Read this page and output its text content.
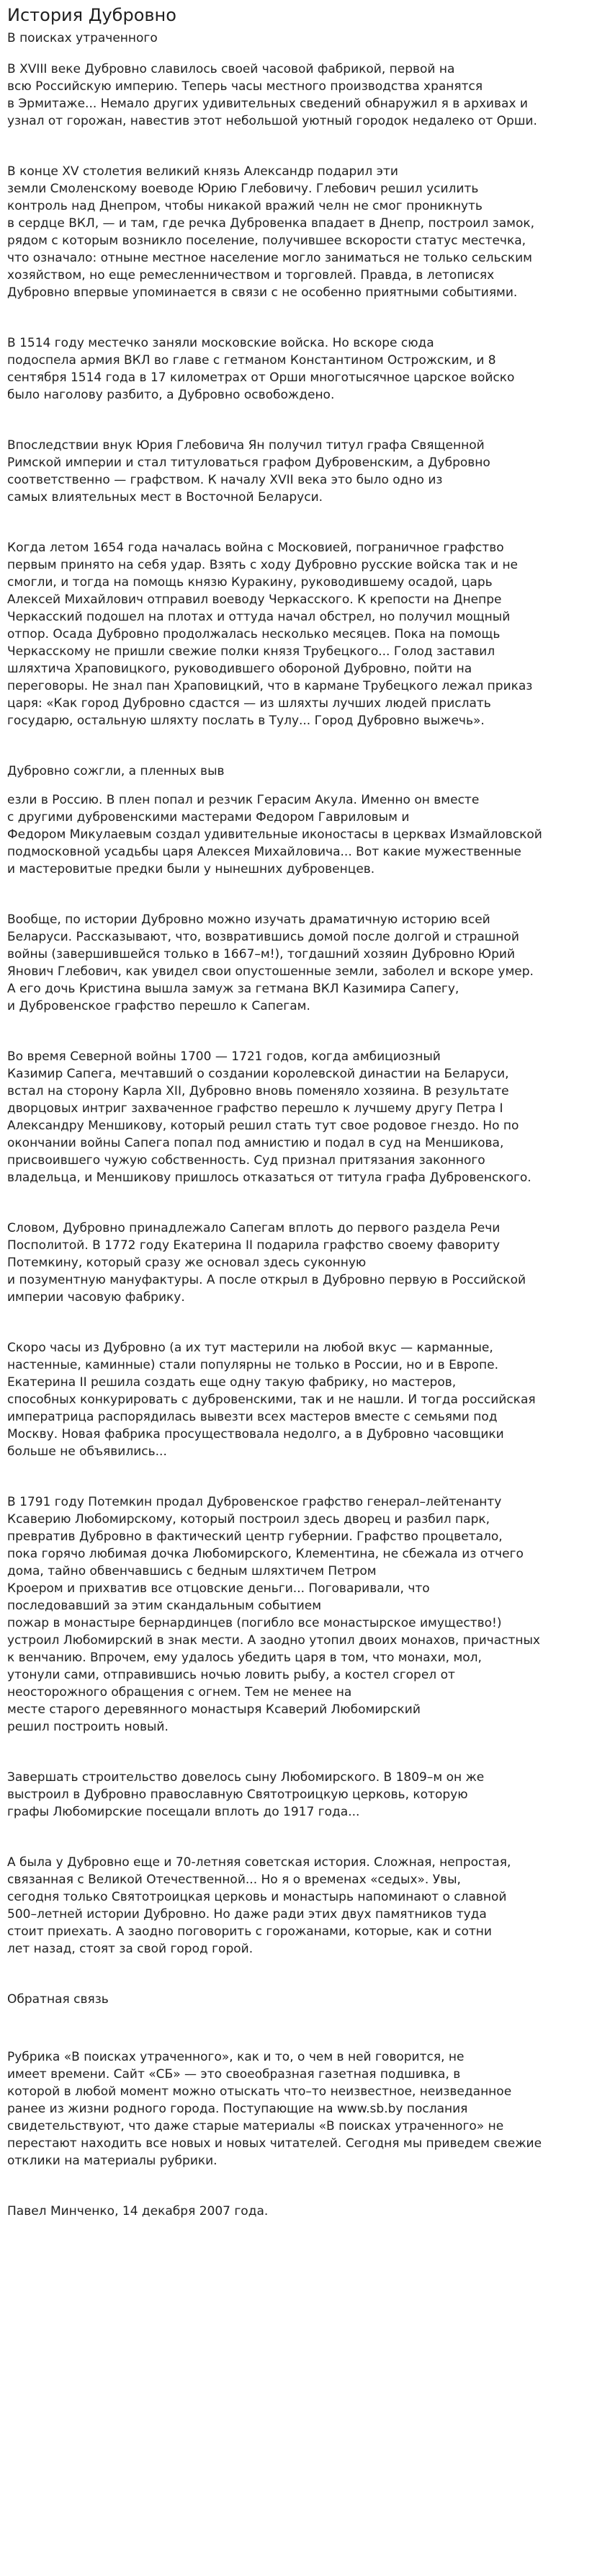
История Дубровно
В поисках утраченного

В XVIII веке Дубровно славилось своей часовой фабрикой, первой на
всю Российскую империю. Теперь часы местного производства хранятся
в Эрмитаже... Немало других удивительных сведений обнаружил я в архивах и
узнал от горожан, навестив этот небольшой уютный городок недалеко от Орши.

В конце XV столетия великий князь Александр подарил эти
земли Смоленскому воеводе Юрию Глебовичу. Глебович решил усилить
контроль над Днепром, чтобы никакой вражий челн не смог проникнуть
в сердце ВКЛ, — и там, где речка Дубровенка впадает в Днепр, построил замок,
рядом с которым возникло поселение, получившее вскорости статус местечка,
что означало: отныне местное население могло заниматься не только сельским
хозяйством, но еще ремесленничеством и торговлей. Правда, в летописях
Дубровно впервые упоминается в связи с не особенно приятными событиями.

В 1514 году местечко заняли московские войска. Но вскоре сюда
подоспела армия ВКЛ во главе с гетманом Константином Острожским, и 8
сентября 1514 года в 17 километрах от Орши многотысячное царское войско
было наголову разбито, а Дубровно освобождено.

Впоследствии внук Юрия Глебовича Ян получил титул графа Священной
Римской империи и стал титуловаться графом Дубровенским, а Дубровно
соответственно — графством. К началу XVII века это было одно из
самых влиятельных мест в Восточной Беларуси.

Когда летом 1654 года началась война с Московией, пограничное графство
первым принято на себя удар. Взять с ходу Дубровно русские войска так и не
смогли, и тогда на помощь князю Куракину, руководившему осадой, царь
Алексей Михайлович отправил воеводу Черкасского. К крепости на Днепре
Черкасский подошел на плотах и оттуда начал обстрел, но получил мощный
отпор. Осада Дубровно продолжалась несколько месяцев. Пока на помощь
Черкасскому не пришли свежие полки князя Трубецкого... Голод заставил
шляхтича Храповицкого, руководившего обороной Дубровно, пойти на
переговоры. Не знал пан Храповицкий, что в кармане Трубецкого лежал приказ
царя: «Как город Дубровно сдастся — из шляхты лучших людей прислать
государю, остальную шляхту послать в Тулу... Город Дубровно выжечь».

Дубровно сожгли, а пленных выв

езли в Россию. В плен попал и резчик Герасим Акула. Именно он вместе
с другими дубровенскими мастерами Федором Гавриловым и
Федором Микулаевым создал удивительные иконостасы в церквах Измайловской
подмосковной усадьбы царя Алексея Михайловича... Вот какие мужественные
и мастеровитые предки были у нынешних дубровенцев.

Вообще, по истории Дубровно можно изучать драматичную историю всей
Беларуси. Рассказывают, что, возвратившись домой после долгой и страшной
войны (завершившейся только в 1667–м!), тогдашний хозяин Дубровно Юрий
Янович Глебович, как увидел свои опустошенные земли, заболел и вскоре умер.
А его дочь Кристина вышла замуж за гетмана ВКЛ Казимира Сапегу,
и Дубровенское графство перешло к Сапегам.

Во время Северной войны 1700 — 1721 годов, когда амбициозный
Казимир Сапега, мечтавший о создании королевской династии на Беларуси,
встал на сторону Карла XII, Дубровно вновь поменяло хозяина. В результате
дворцовых интриг захваченное графство перешло к лучшему другу Петра I
Александру Меншикову, который решил стать тут свое родовое гнездо. Но по
окончании войны Сапега попал под амнистию и подал в суд на Меншикова,
присвоившего чужую собственность. Суд признал притязания законного
владельца, и Меншикову пришлось отказаться от титула графа Дубровенского.

Словом, Дубровно принадлежало Сапегам вплоть до первого раздела Речи
Посполитой. В 1772 году Екатерина II подарила графство своему фавориту
Потемкину, который сразу же основал здесь суконную
и позументную мануфактуры. А после открыл в Дубровно первую в Российской
империи часовую фабрику.

Скоро часы из Дубровно (а их тут мастерили на любой вкус — карманные,
настенные, каминные) стали популярны не только в России, но и в Европе.
Екатерина II решила создать еще одну такую фабрику, но мастеров,
способных конкурировать с дубровенскими, так и не нашли. И тогда российская
императрица распорядилась вывезти всех мастеров вместе с семьями под
Москву. Новая фабрика просуществовала недолго, а в Дубровно часовщики
больше не объявились...

В 1791 году Потемкин продал Дубровенское графство генерал–лейтенанту
Ксаверию Любомирскому, который построил здесь дворец и разбил парк,
превратив Дубровно в фактический центр губернии. Графство процветало,
пока горячо любимая дочка Любомирского, Клементина, не сбежала из отчего
дома, тайно обвенчавшись с бедным шляхтичем Петром
Кроером и прихватив все отцовские деньги... Поговаривали, что
последовавший за этим скандальным событием
пожар в монастыре бернардинцев (погибло все монастырское имущество!)
устроил Любомирский в знак мести. А заодно утопил двоих монахов, причастных
к венчанию. Впрочем, ему удалось убедить царя в том, что монахи, мол,
утонули сами, отправившись ночью ловить рыбу, а костел сгорел от
неосторожного обращения с огнем. Тем не менее на
месте старого деревянного монастыря Ксаверий Любомирский
решил построить новый.

Завершать строительство довелось сыну Любомирского. В 1809–м он же
выстроил в Дубровно православную Святотроицкую церковь, которую
графы Любомирские посещали вплоть до 1917 года...

А была у Дубровно еще и 70-летняя советская история. Сложная, непростая,
связанная с Великой Отечественной... Но я о временах «седых». Увы,
сегодня только Святотроицкая церковь и монастырь напоминают о славной
500–летней истории Дубровно. Но даже ради этих двух памятников туда
стоит приехать. А заодно поговорить с горожанами, которые, как и сотни
лет назад, стоят за свой город горой.

Обратная связь

Рубрика «В поисках утраченного», как и то, о чем в ней говорится, не
имеет времени. Сайт «СБ» — это своеобразная газетная подшивка, в
которой в любой момент можно отыскать что–то неизвестное, неизведанное
ранее из жизни родного города. Поступающие на www.sb.by послания
свидетельствуют, что даже старые материалы «В поисках утраченного» не
перестают находить все новых и новых читателей. Сегодня мы приведем свежие
отклики на материалы рубрики.

Павел Минченко, 14 декабря 2007 года.
